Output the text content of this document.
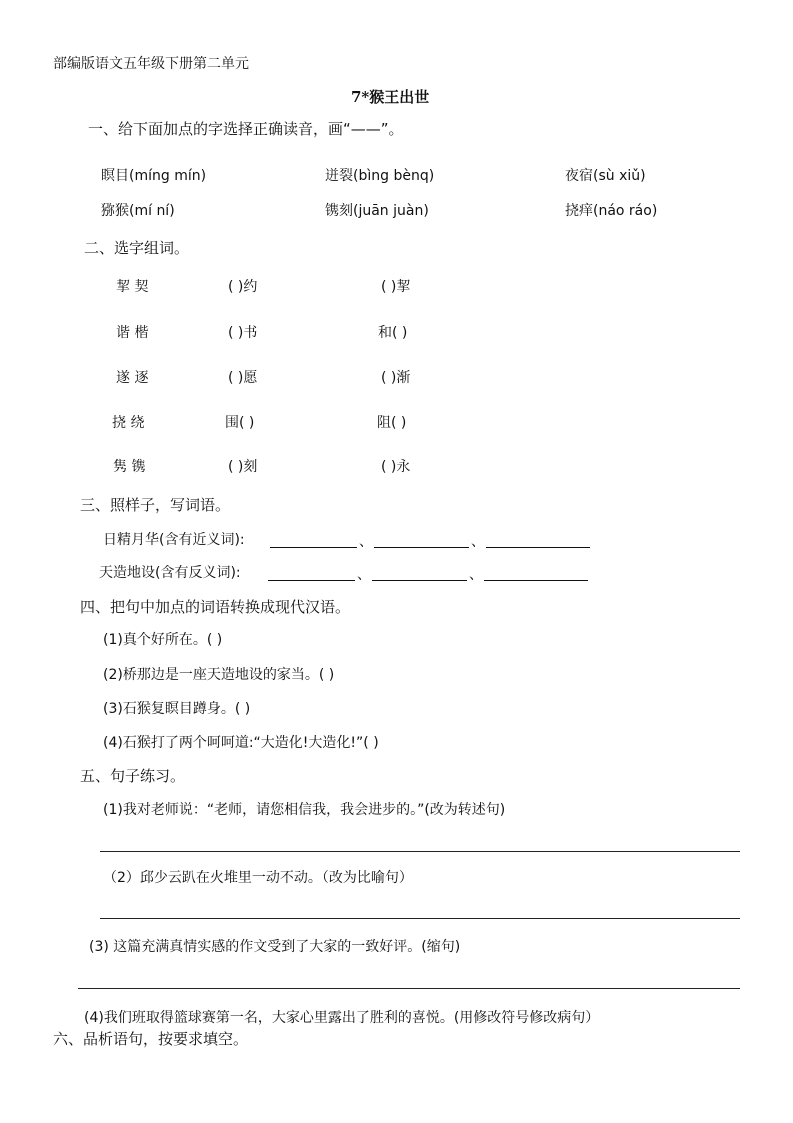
部编版语文五年级下册第二单元
7*猴王出世
一、给下面加点的字选择正确读音，画“——”。
瞑目(míng mín)	迸裂(bìng bènq)	夜宿(sù xiǔ)
猕猴(mí ní)	镌刻(juān juàn)	挠痒(náo ráo)
二、选字组词。
挈 契	( )约	( )挈
谐 楷	( )书	和( )
遂 逐	( )愿	( )渐
挠 绕	围( )	阻( )
隽 镌	( )刻	( )永
三、照样子，写词语。
日精月华(含有近义词):	、	、
天造地设(含有反义词):	、	、
四、把句中加点的词语转换成现代汉语。
(1)真个好所在。( )
(2)桥那边是一座天造地设的家当。( )
(3)石猴复瞑目蹲身。( )
(4)石猴打了两个呵呵道:“大造化!大造化!”( )
五、句子练习。
(1)我对老师说：“老师，请您相信我，我会进步的。”(改为转述句)
（2）邱少云趴在火堆里一动不动。（改为比喻句）
(3) 这篇充满真情实感的作文受到了大家的一致好评。(缩句)
(4)我们班取得篮球赛第一名，大家心里露出了胜利的喜悦。(用修改符号修改病句）
六、品析语句，按要求填空。
